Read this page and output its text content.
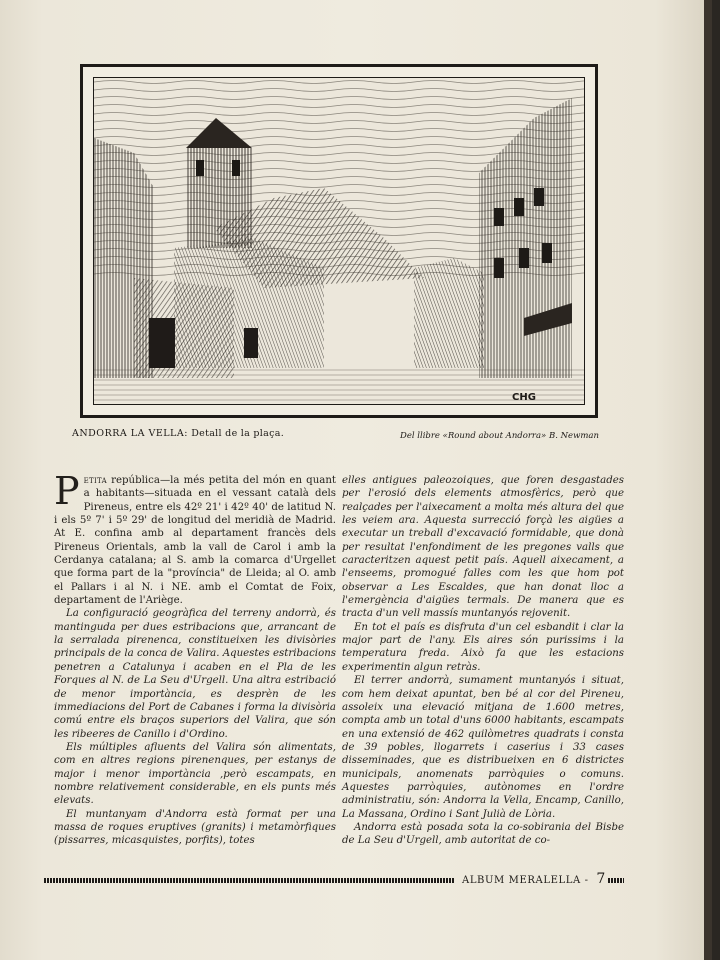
CHG
ANDORRA LA VELLA: Detall de la plaça.	Del llibre «Round about Andorra» B. Newman

Petita república—la més petita del món en quant a habitants—situada en el vessant català dels Pireneus, entre els 42º 21' i 42º 40' de latitud N. i els 5º 7' i 5º 29' de longitud del meridià de Madrid. At E. confina amb al departament francès dels Pireneus Orientals, amb la vall de Carol i amb la Cerdanya catalana; al S. amb la comarca d'Urgellet que forma part de la "província" de Lleida; al O. amb el Pallars i al N. i NE. amb el Comtat de Foix, departament de l'Ariège.

La configuració geogràfica del terreny andorrà, és mantinguda per dues estribacions que, arrancant de la serralada pirenenca, constitueixen les divisòries principals de la conca de Valira. Aquestes estribacions penetren a Catalunya i acaben en el Pla de les Forques al N. de La Seu d'Urgell. Una altra estribació de menor importància, es desprèn de les immediacions del Port de Cabanes i forma la divisòria comú entre els braços superiors del Valira, que són les ribeeres de Canillo i d'Ordino.

Els múltiples afluents del Valira són alimentats, com en altres regions pirenenques, per estanys de major i menor importància ,però escampats, en nombre relativement considerable, en els punts més elevats.

El muntanyam d'Andorra està format per una massa de roques eruptives (granits) i metamòrfiques (pissarres, micasquistes, porfits), totes

elles antigues paleozoiques, que foren desgastades per l'erosió dels elements atmosfèrics, però que realçades per l'aixecament a molta més altura del que les veiem ara. Aquesta surrecció forçà les aigües a executar un treball d'excavació formidable, que donà per resultat l'enfondiment de les pregones valls que caracteritzen aquest petit país. Aquell aixecament, a l'enseems, promogué falles com les que hom pot observar a Les Escaldes, que han donat lloc a l'emergència d'aigües termals. De manera que es tracta d'un vell massís muntanyós rejovenit.

En tot el país es disfruta d'un cel esbandit i clar la major part de l'any. Els aires són purissims i la temperatura freda. Això fa que les estacions experimentin algun retràs.

El terrer andorrà, sumament muntanyós i situat, com hem deixat apuntat, ben bé al cor del Pireneu, assoleix una elevació mitjana de 1.600 metres, compta amb un total d'uns 6000 habitants, escampats en una extensió de 462 quilòmetres quadrats i consta de 39 pobles, llogarrets i caserius i 33 cases disseminades, que es distribueixen en 6 districtes municipals, anomenats parròquies o comuns. Aquestes parròquies, autònomes en l'ordre administratiu, són: Andorra la Vella, Encamp, Canillo, La Massana, Ordino i Sant Julià de Lòria.

Andorra està posada sota la co-sobirania del Bisbe de La Seu d'Urgell, amb autoritat de co-

ALBUM MERALELLA - 7
